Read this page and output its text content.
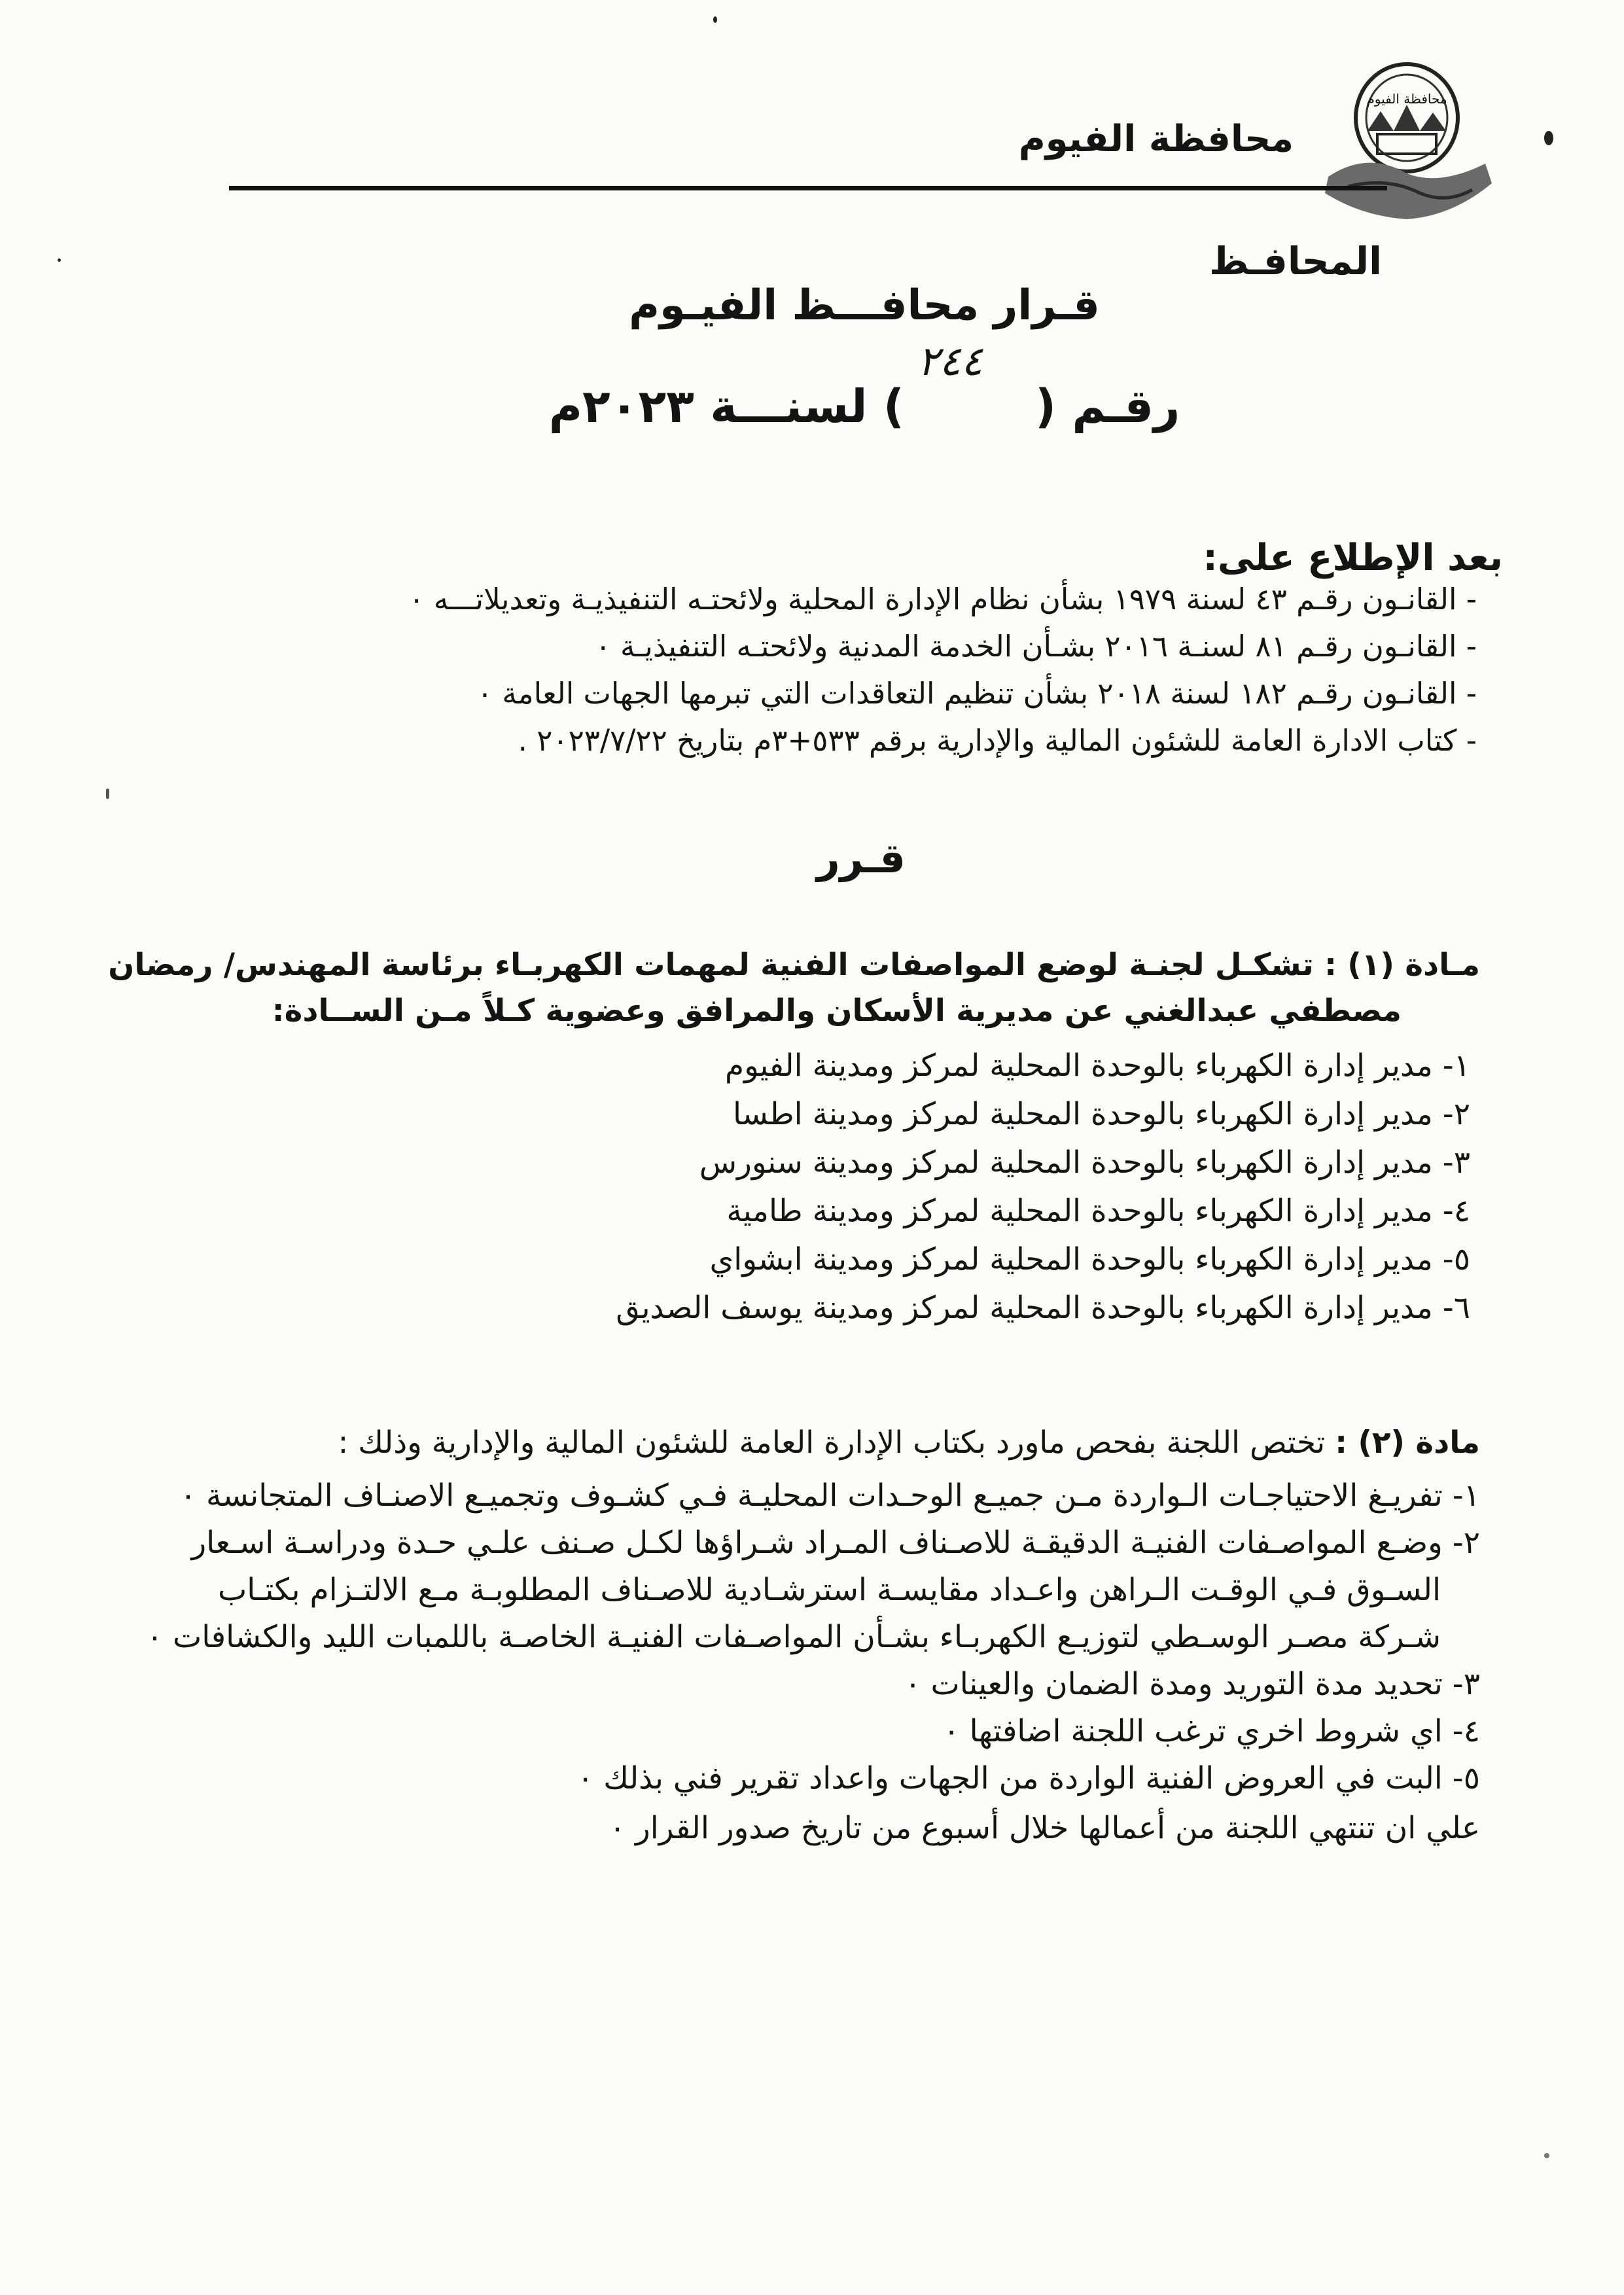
محافظة الفيوم
محافظة الفيوم
المحافـظ
قـرار محافـــظ الفيـوم
رقـم (
٢٤٤
) لسنـــة ٢٠٢٣م
بعد الإطلاع على:
- القانـون رقـم ٤٣ لسنة ١٩٧٩ بشأن نظام الإدارة المحلية ولائحتـه التنفيذيـة وتعديلاتـــه ٠
- القانـون رقـم ٨١ لسنـة ٢٠١٦ بشـأن الخدمة المدنية ولائحتـه التنفيذيـة ٠
- القانـون رقـم ١٨٢ لسنة ٢٠١٨ بشأن تنظيم التعاقدات التي تبرمها الجهات العامة ٠
- كتاب الادارة العامة للشئون المالية والإدارية برقم ٥٣٣+٣م بتاريخ ٢٠٢٣/٧/٢٢ .
قـرر
مـادة (١) : تشكـل لجنـة لوضع المواصفات الفنية لمهمات الكهربـاء برئاسة المهندس/ رمضان
مصطفي عبدالغني عن مديرية الأسكان والمرافق وعضوية كـلاً مـن الســادة:
١- مدير إدارة الكهرباء بالوحدة المحلية لمركز ومدينة الفيوم
٢- مدير إدارة الكهرباء بالوحدة المحلية لمركز ومدينة اطسا
٣- مدير إدارة الكهرباء بالوحدة المحلية لمركز ومدينة سنورس
٤- مدير إدارة الكهرباء بالوحدة المحلية لمركز ومدينة طامية
٥- مدير إدارة الكهرباء بالوحدة المحلية لمركز ومدينة ابشواي
٦- مدير إدارة الكهرباء بالوحدة المحلية لمركز ومدينة يوسف الصديق
مادة (٢) : تختص اللجنة بفحص ماورد بكتاب الإدارة العامة للشئون المالية والإدارية وذلك :
١- تفريـغ الاحتياجـات الـواردة مـن جميـع الوحـدات المحليـة فـي كشـوف وتجميـع الاصنـاف المتجانسة ٠
٢- وضـع المواصـفات الفنيـة الدقيقـة للاصـناف المـراد شـراؤها لكـل صـنف علـي حـدة ودراسـة اسـعار السـوق فـي الوقـت الـراهن واعـداد مقايسـة استرشـادية للاصـناف المطلوبـة مـع الالتـزام بكتـاب شـركة مصـر الوسـطي لتوزيـع الكهربـاء بشـأن المواصـفات الفنيـة الخاصـة باللمبات الليد والكشافات ٠
٣- تحديد مدة التوريد ومدة الضمان والعينات ٠
٤- اي شروط اخري ترغب اللجنة اضافتها ٠
٥- البت في العروض الفنية الواردة من الجهات واعداد تقرير فني بذلك ٠
علي ان تنتهي اللجنة من أعمالها خلال أسبوع من تاريخ صدور القرار ٠
